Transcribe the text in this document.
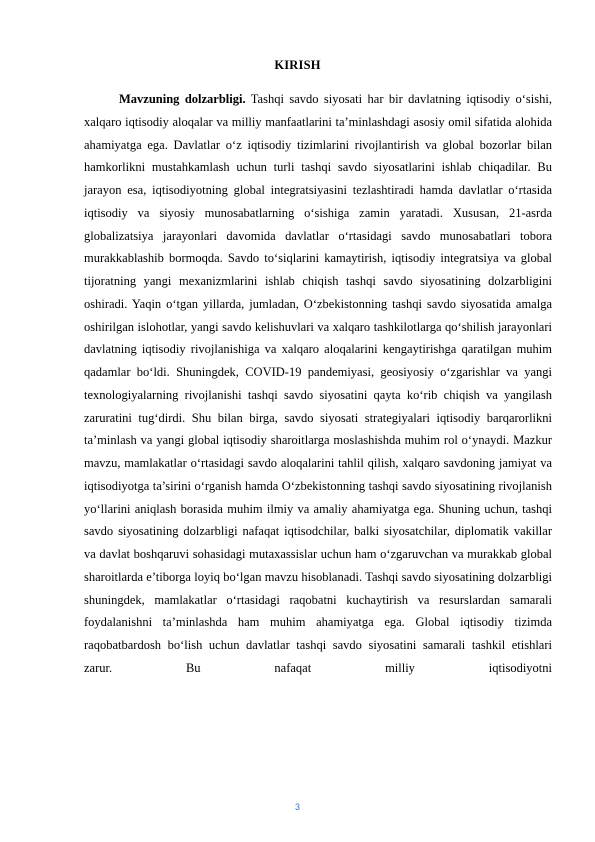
KIRISH

Mavzuning dolzarbligi. Tashqi savdo siyosati har bir davlatning iqtisodiy o‘sishi, xalqaro iqtisodiy aloqalar va milliy manfaatlarini ta’minlashdagi asosiy omil sifatida alohida ahamiyatga ega. Davlatlar o‘z iqtisodiy tizimlarini rivojlantirish va global bozorlar bilan hamkorlikni mustahkamlash uchun turli tashqi savdo siyosatlarini ishlab chiqadilar. Bu jarayon esa, iqtisodiyotning global integratsiyasini tezlashtiradi hamda davlatlar o‘rtasida iqtisodiy va siyosiy munosabatlarning o‘sishiga zamin yaratadi. Xususan, 21-asrda globalizatsiya jarayonlari davomida davlatlar o‘rtasidagi savdo munosabatlari tobora murakkablashib bormoqda. Savdo to‘siqlarini kamaytirish, iqtisodiy integratsiya va global tijoratning yangi mexanizmlarini ishlab chiqish tashqi savdo siyosatining dolzarbligini oshiradi. Yaqin o‘tgan yillarda, jumladan, O‘zbekistonning tashqi savdo siyosatida amalga oshirilgan islohotlar, yangi savdo kelishuvlari va xalqaro tashkilotlarga qo‘shilish jarayonlari davlatning iqtisodiy rivojlanishiga va xalqaro aloqalarini kengaytirishga qaratilgan muhim qadamlar bo‘ldi. Shuningdek, COVID-19 pandemiyasi, geosiyosiy o‘zgarishlar va yangi texnologiyalarning rivojlanishi tashqi savdo siyosatini qayta ko‘rib chiqish va yangilash zaruratini tug‘dirdi. Shu bilan birga, savdo siyosati strategiyalari iqtisodiy barqarorlikni ta’minlash va yangi global iqtisodiy sharoitlarga moslashishda muhim rol o‘ynaydi. Mazkur mavzu, mamlakatlar o‘rtasidagi savdo aloqalarini tahlil qilish, xalqaro savdoning jamiyat va iqtisodiyotga ta’sirini o‘rganish hamda O‘zbekistonning tashqi savdo siyosatining rivojlanish yo‘llarini aniqlash borasida muhim ilmiy va amaliy ahamiyatga ega. Shuning uchun, tashqi savdo siyosatining dolzarbligi nafaqat iqtisodchilar, balki siyosatchilar, diplomatik vakillar va davlat boshqaruvi sohasidagi mutaxassislar uchun ham o‘zgaruvchan va murakkab global sharoitlarda e’tiborga loyiq bo‘lgan mavzu hisoblanadi. Tashqi savdo siyosatining dolzarbligi shuningdek, mamlakatlar o‘rtasidagi raqobatni kuchaytirish va resurslardan samarali foydalanishni ta’minlashda ham muhim ahamiyatga ega. Global iqtisodiy tizimda raqobatbardosh bo‘lish uchun davlatlar tashqi savdo siyosatini samarali tashkil etishlari zarur. Bu nafaqat milliy iqtisodiyotni

3
